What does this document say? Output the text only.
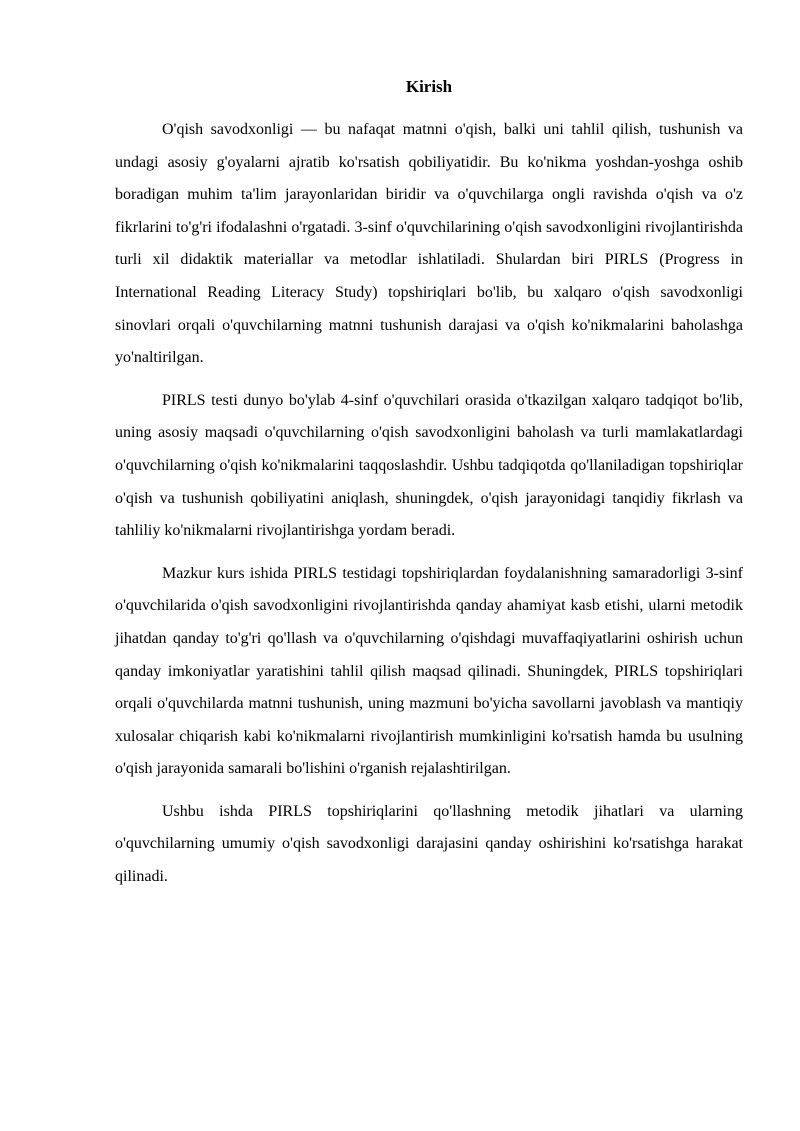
Kirish

O'qish savodxonligi — bu nafaqat matnni o'qish, balki uni tahlil qilish, tushunish va undagi asosiy g'oyalarni ajratib ko'rsatish qobiliyatidir. Bu ko'nikma yoshdan-yoshga oshib boradigan muhim ta'lim jarayonlaridan biridir va o'quvchilarga ongli ravishda o'qish va o'z fikrlarini to'g'ri ifodalashni o'rgatadi. 3-sinf o'quvchilarining o'qish savodxonligini rivojlantirishda turli xil didaktik materiallar va metodlar ishlatiladi. Shulardan biri PIRLS (Progress in International Reading Literacy Study) topshiriqlari bo'lib, bu xalqaro o'qish savodxonligi sinovlari orqali o'quvchilarning matnni tushunish darajasi va o'qish ko'nikmalarini baholashga yo'naltirilgan.

PIRLS testi dunyo bo'ylab 4-sinf o'quvchilari orasida o'tkazilgan xalqaro tadqiqot bo'lib, uning asosiy maqsadi o'quvchilarning o'qish savodxonligini baholash va turli mamlakatlardagi o'quvchilarning o'qish ko'nikmalarini taqqoslashdir. Ushbu tadqiqotda qo'llaniladigan topshiriqlar o'qish va tushunish qobiliyatini aniqlash, shuningdek, o'qish jarayonidagi tanqidiy fikrlash va tahliliy ko'nikmalarni rivojlantirishga yordam beradi.

Mazkur kurs ishida PIRLS testidagi topshiriqlardan foydalanishning samaradorligi 3-sinf o'quvchilarida o'qish savodxonligini rivojlantirishda qanday ahamiyat kasb etishi, ularni metodik jihatdan qanday to'g'ri qo'llash va o'quvchilarning o'qishdagi muvaffaqiyatlarini oshirish uchun qanday imkoniyatlar yaratishini tahlil qilish maqsad qilinadi. Shuningdek, PIRLS topshiriqlari orqali o'quvchilarda matnni tushunish, uning mazmuni bo'yicha savollarni javoblash va mantiqiy xulosalar chiqarish kabi ko'nikmalarni rivojlantirish mumkinligini ko'rsatish hamda bu usulning o'qish jarayonida samarali bo'lishini o'rganish rejalashtirilgan.

Ushbu ishda PIRLS topshiriqlarini qo'llashning metodik jihatlari va ularning o'quvchilarning umumiy o'qish savodxonligi darajasini qanday oshirishini ko'rsatishga harakat qilinadi.
